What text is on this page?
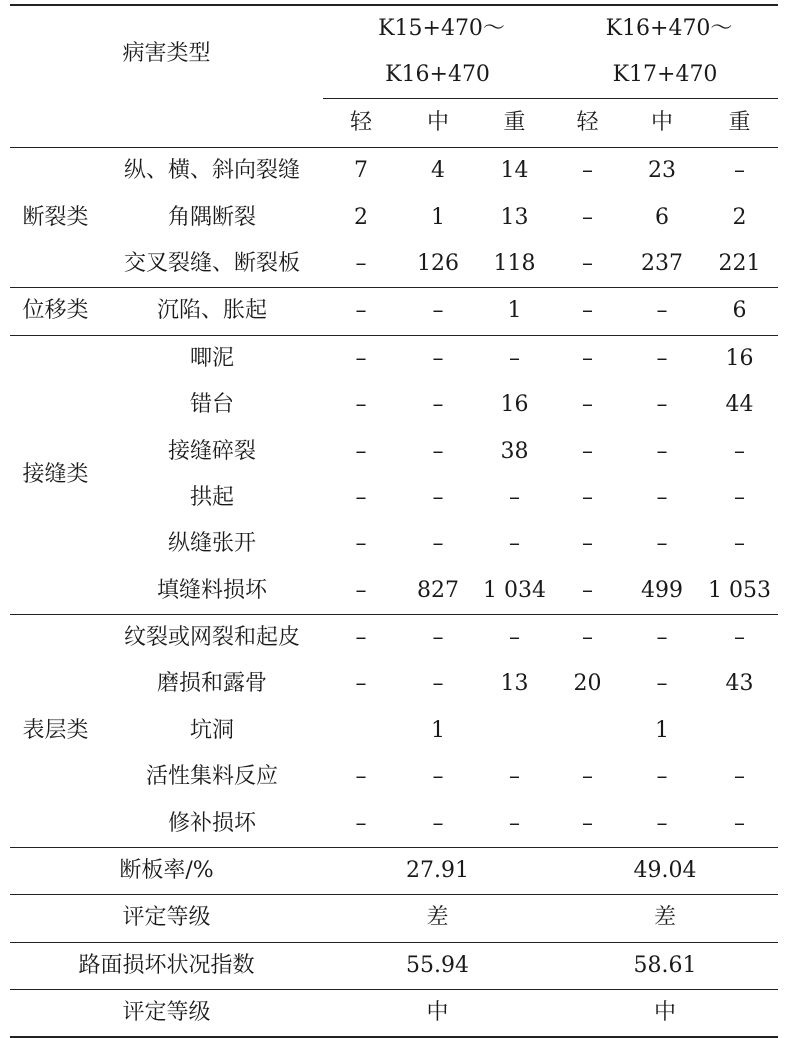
病害类型		K15+470～			K16+470～		
		K16+470			K17+470		
		轻	中	重	轻	中	重
断裂类	纵、横、斜向裂缝	7	4	14	–	23	–
	角隅断裂	2	1	13	–	6	2
	交叉裂缝、断裂板	–	126	118	–	237	221
位移类	沉陷、胀起	–	–	1	–	–	6
接缝类	唧泥	–	–	–	–	–	16
	错台	–	–	16	–	–	44
	接缝碎裂	–	–	38	–	–	–
	拱起	–	–	–	–	–	–
	纵缝张开	–	–	–	–	–	–
	填缝料损坏	–	827	1 034	–	499	1 053
表层类	纹裂或网裂和起皮	–	–	–	–	–	–
	磨损和露骨	–	–	13	20	–	43
	坑洞		1			1	
	活性集料反应	–	–	–	–	–	–
	修补损坏	–	–	–	–	–	–
断板率/%		27.91			49.04		
评定等级		差			差		
路面损坏状况指数		55.94			58.61		
评定等级		中			中		
